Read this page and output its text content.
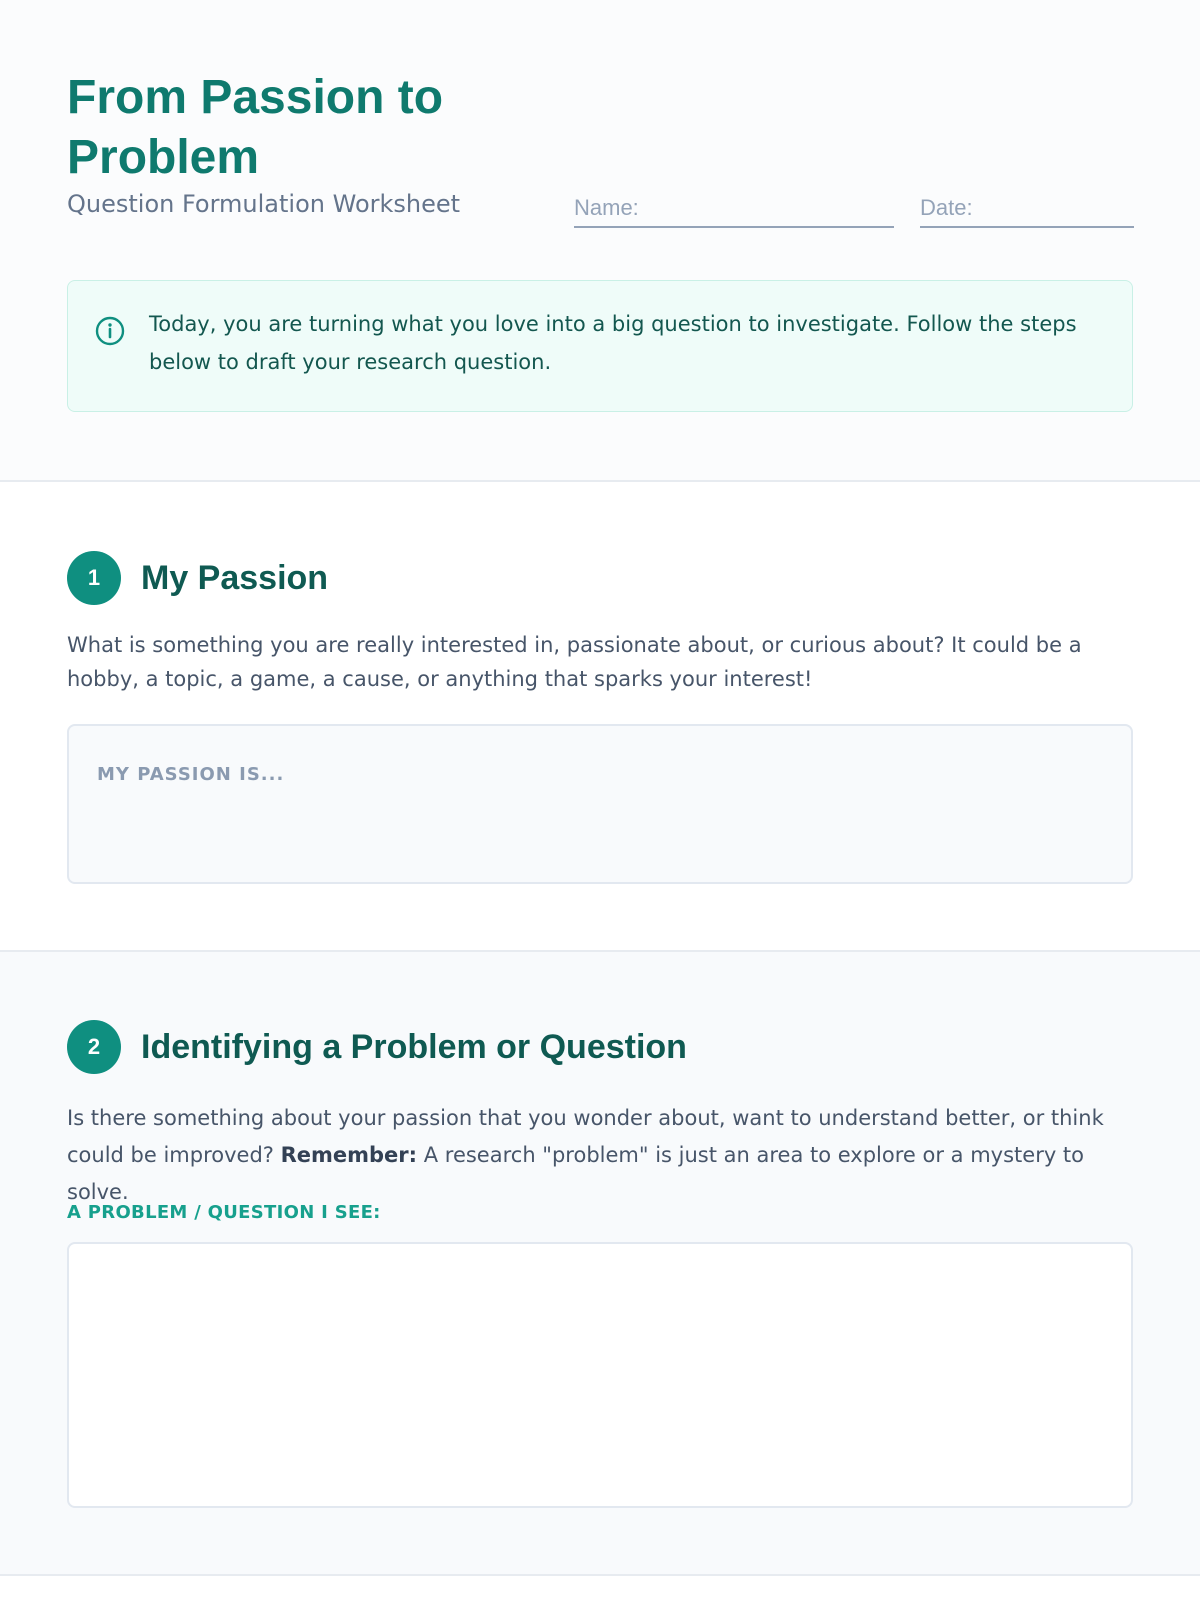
From Passion to Problem
Question Formulation Worksheet
Name:
Date:
Today, you are turning what you love into a big question to investigate. Follow the steps below to draft your research question.
1	My Passion

What is something you are really interested in, passionate about, or curious about? It could be a hobby, a topic, a game, a cause, or anything that sparks your interest!

MY PASSION IS...
2	Identifying a Problem or Question

Is there something about your passion that you wonder about, want to understand better, or think could be improved? Remember: A research "problem" is just an area to explore or a mystery to solve.

A PROBLEM / QUESTION I SEE:
